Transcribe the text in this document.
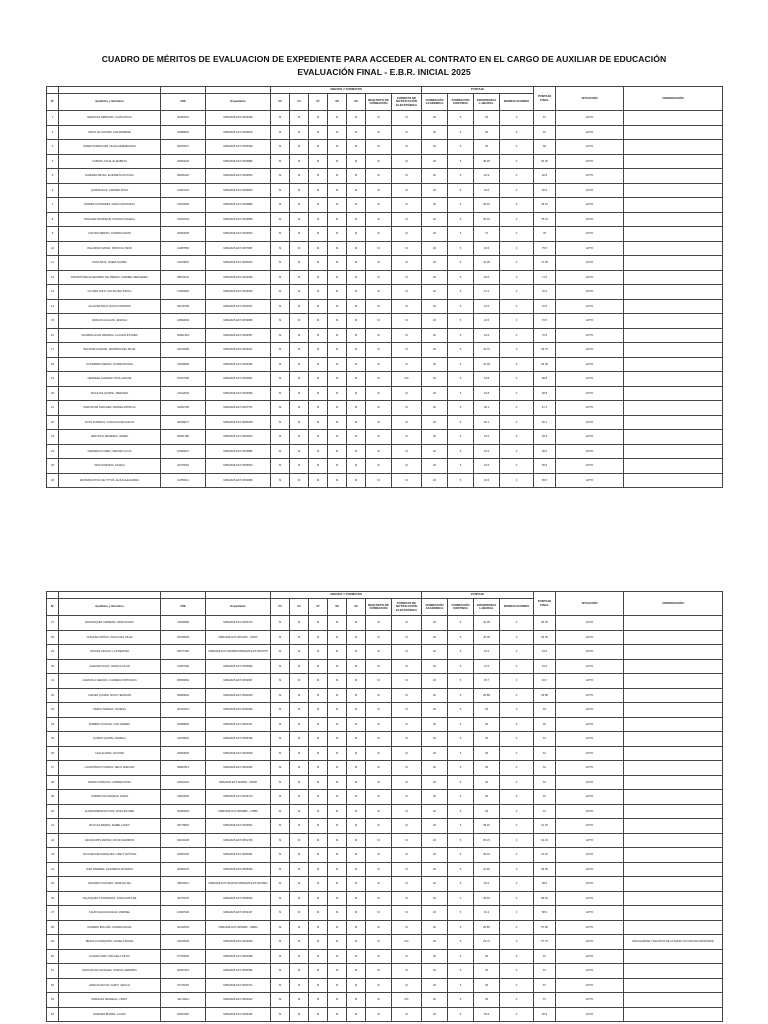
CUADRO DE MÉRITOS DE EVALUACION DE EXPEDIENTE PARA ACCEDER AL CONTRATO EN EL CARGO DE AUXILIAR DE EDUCACIÓN
EVALUACIÓN FINAL - E.B.R. INICIAL 2025
				ANEXOS Y FORMATOS							PUNTAJE				PUNTAJE FINAL	SITUACIÓN	OBSERVACIÓN
N°	Apellidos y Nombres	DNI	Expediente	03	04	07	08	09	REQUISITO DE FORMACIÓN	FORMATO DE NOTIFICACIÓN ELECTRÓNICA	FORMACIÓN ACADÉMICA	FORMACIÓN CONTINUA	EXPERIENCIA LABORAL	BONIFICACIONES			
1	MENDOZA SERRANO, CLARA ROSA	40487841	MPE2025-EXT-0053490	SI	SI	SI	SI	SI	SI	SI	20	5	35	0	57	APTO	
2	ORTIZ VILCAPUMA, ANA MARIENE	46088843	MPE2025-EXT-0053879	SI	SI	SI	SI	SI	SI	SI	20	5	35	0	61	APTO	
3	PEREZ RODRIGUEZ, DIANA HERMENGINA	20029227	MPE2025-EXT-0053968	SI	SI	SI	SI	SI	SI	SI	20	5	35	0	80	APTO	
4	CARDAS OCHA, ELIZABETH	40994029	MPE2025-EXT-0053880	SI	SI	SI	SI	SI	SI	SI	20	5	35.25	0	60.25	APTO	
5	RAMIREZ MILIAN, ELIZABETH ROXANA	09095418	MPE2025-EXT-0053506	SI	SI	SI	SI	SI	SI	SI	20	5	32.9	0	62.9	APTO	
6	QUISPE RIAZ, CARMEN ROSA	27007024	MPE2025-EXT-0053509	SI	SI	SI	SI	SI	SI	SI	20	5	33.5	0	60.5	APTO	
7	ESTEBA GUTIERREZ, MARIA ANTONIETA	41520048	MPE2025-EXT-0053889	SI	SI	SI	SI	SI	SI	SI	20	5	35.15	0	78.15	APTO	
8	SANCHEZ MANRIQUE, PATRICIA ANGELA	70267003	MPE2025-EXT-0053899	SI	SI	SI	SI	SI	SI	SI	20	5	35.15	0	78.15	APTO	
9	CASTRO MERIDA, NORMAN EDITH	40950005	MPE2025-EXT-0053954	SI	SI	SI	SI	SI	SI	SI	20	5	74	0	78	APTO	
10	PALOMINO MATEO, PATRICIA YENSI	41087866	MPE2025-EXT-0057987	SI	SI	SI	SI	SI	SI	SI	30	5	43.5	0	75.5	APTO	
11	SOSA RIOS, NOEMI NORMA	41079897	MPE2025-EXT-0050004	SI	SI	SI	SI	SI	SI	SI	20	5	44.95	0	71.95	APTO	
12	PROMOTORE ECHEVERRY DE MEDINA, MARIBEL MERCEDES	08870043	MPE2025-EXT-0052095	SI	SI	SI	SI	SI	SI	SI	20	5	48.5	0	71.5	APTO	
13	CULMPA POLO, SOLANYER JUDITH	72053962	MPE2025-EXT-0053024	SI	SI	SI	SI	SI	SI	SI	20	5	47.6	0	70.6	APTO	
14	ALCAZAR BAUZ, ROSIO MARIBON	06168758	MPE2025-EXT-0054057	SI	SI	SI	SI	SI	SI	SI	20	5	44.5	0	70.5	APTO	
15	VARGAS HUALLPA, JESSICA	44890693	MPE2025-EXT-0053980	SI	SI	SI	SI	SI	SI	SI	20	5	44.5	0	70.5	APTO	
16	HUAMPALACAR MIRANDA, CLAUDIA ESTHER	20801354	MPE2025-EXT-0053387	SI	SI	SI	SI	SI	SI	SI	20	5	44.5	0	70.5	APTO	
17	BALMORI GUZMAN, MAXIMINA DEL PILAR	43079295	MPE2025-EXT-0053327	SI	SI	SI	SI	SI	SI	SI	20	5	44.75	0	69.75	APTO	
18	GUTIERREZ MEDINA, NORMA ROSSIA	44048808	MPE2025-EXT-0053480	SI	SI	SI	SI	SI	SI	SI	20	5	44.05	0	69.05	APTO	
19	HERRERA HUAMANI, PAOLA ROXIE	07027538	MPE2025-EXT-0054861	SI	SI	SI	SI	SI	SI	NO	20	5	43.8	0	68.8	APTO	
20	MACAJOS QUISPE, TERESIRA	41612093	MPE2025-EXT-0053580	SI	SI	SI	SI	SI	SI	SI	20	5	43.8	0	68.8	APTO	
21	MANTAPOM SANCHEZ, ANDREA PATRICIA	44090799	MPE2025-EXT-0067751	SI	SI	SI	SI	SI	SI	SI	20	5	39.1	0	67.1	APTO	
22	SOTO ZUMAETA, CAROLINA MILAGROS	40528077	MPE2025-EXT-0080008	SI	SI	SI	SI	SI	SI	SI	20	5	39.1	0	66.1	APTO	
23	ARETINCO MENESES, ISABEL	09591485	MPE2025-EXT-0054633	SI	SI	SI	SI	SI	SI	SI	20	5	43.5	0	65.5	APTO	
24	CERVERA FLORES, AMANDA LUCIA	16489027	MPE2025-EXT-0052880	SI	SI	SI	SI	SI	SI	SI	20	5	43.5	0	65.5	APTO	
25	ZETA ZUMAETA, SAADAI	40079081	MPE2025-EXT-0065523	SI	SI	SI	SI	SI	SI	SI	20	5	43.5	0	65.5	APTO	
26	ZETAMPA MITOC DE TITTZA, ELISA ALEJANDRA	41780011	MPE2025-EXT-0054986	SI	SI	SI	SI	SI	SI	SI	20	5	43.5	0	65.5	APTO	
				ANEXOS Y FORMATOS							PUNTAJE				PUNTAJE FINAL	SITUACIÓN	OBSERVACIÓN
N°	Apellidos y Nombres	DNI	Expediente	03	04	07	08	09	REQUISITO DE FORMACIÓN	FORMATO DE NOTIFICACIÓN ELECTRÓNICA	FORMACIÓN ACADÉMICA	FORMACIÓN CONTINUA	EXPERIENCIA LABORAL	BONIFICACIONES			
27	BOHORQUEZ CARRERA, NIDIA ROSSA	41928080	MPE2025-EXT-0054370	SI	SI	SI	SI	SI	SI	SI	20	5	40.05	0	65.05	APTO	
28	VASQUEZ MUÑOZ, PAOLA DEL PILAR	45708905	MPE2025-EXT-0051265 - 23633	SI	SI	SI	SI	SI	SI	SI	20	5	40.05	0	65.05	APTO	
29	OSTAPA GINCHO, LUZ BEATRIZ	46577490	MPE2025-EXT-0054809 MPE2025-EXT-0054375	SI	SI	SI	SI	SI	SI	SI	20	5	44.5	0	64.5	APTO	
30	GUEVARA SILVA, JESSICA PILAR	41957969	MPE2025-EXT-0053980	SI	SI	SI	SI	SI	SI	SI	20	5	37.6	0	64.6	APTO	
31	CARAPOLA SERAVIA, CARMEN FORTUNATA	09580081	MPE2025-EXT-0052997	SI	SI	SI	SI	SI	SI	SI	20	5	35.7	0	63.7	APTO	
32	CHAVEZ QUISPE, ROSA YENNIFAN	08980804	MPE2025-EXT-0050009	SI	SI	SI	SI	SI	SI	SI	20	5	36.88	0	63.88	APTO	
33	PRADO TERESA, YESENIA	40794437	MPE2025-EXT-0050085	SI	SI	SI	SI	SI	SI	SI	20	5	36	0	63	APTO	
34	ROMERO GUDALE, IVAN JERRES	40058893	MPE2025-EXT-0052447	SI	SI	SI	SI	SI	SI	SI	20	5	36	0	63	APTO	
35	QUISPE QUISPE, MARIELA	44015824	MPE2025-EXT-0055480	SI	SI	SI	SI	SI	SI	SI	20	5	36	0	61	APTO	
36	CHIA ALVERA, NAYORE	40093846	MPE2025-EXT-0054608	SI	SI	SI	SI	SI	SI	SI	20	5	36	0	61	APTO	
37	LOGROÑANO PORRAS, NELCI ADRIANA	09897814	MPE2025-EXT-0054084	SI	SI	SI	SI	SI	SI	SI	20	5	36	0	61	APTO	
38	PARRA CORDOVA, CARMEN ROSA	44844424	MPE2025-EXT-009929 - 20038	SI	SI	SI	SI	SI	SI	SI	20	5	36	0	61	APTO	
39	TORRES PALOMAMAN, DIANA	44823933	MPE2025-EXT-0049703	SI	SI	SI	SI	SI	SI	SI	20	5	36	0	61	APTO	
40	HUAMANSENDINO DIAZ, ROSA ESTHER	46080904	MPE2025-EXT-0053882 - 27889	SI	SI	SI	SI	SI	SI	SI	20	5	36	0	61	APTO	
41	MUJICAS MEPRA, ISABEL FANNY	09779804	MPE2025-EXT-0053501	SI	SI	SI	SI	SI	SI	SI	20	5	38.15	0	61.15	APTO	
42	ARANDORTS ESPINO, ROCIO MARIROS	09160408	MPE2025-EXT-0051709	SI	SI	SI	SI	SI	SI	SI	20	5	35.15	0	61.15	APTO	
43	VACCARACEN MARQUEZ, LIZETT ANTONIA	40350445	MPE2025-EXT-0050051	SI	SI	SI	SI	SI	SI	SI	20	5	35.15	0	61.15	APTO	
44	DIAZ RAMIREZ, ELIZABETH ROSARIO	40080275	MPE2025-EXT-0055093	SI	SI	SI	SI	SI	SI	SI	20	5	34.55	0	59.55	APTO	
45	NAVARRO CHICHNO, MARIA ELISA	48619511	MPE2025-EXT-0044709 MPE2025-EXT-0044684	SI	SI	SI	SI	SI	SI	SI	20	5	30.6	0	58.6	APTO	
46	VELASQUEZ CONTRERAS, SONIA MATILDE	46759278	MPE2025-EXT-0056993	SI	SI	SI	SI	SI	SI	SI	20	2	35.45	0	58.45	APTO	
47	CALBI CHANCAHUANA, MARIBEL	14997929	MPE2025-EXT-0052447	SI	SI	SI	SI	SI	SI	SI	20	5	31.3	0	58.3	APTO	
48	ROMERO BOLAÑO, SANDRA DIANA	40442003	MPE2025-EXT-0053083 - 39804	SI	SI	SI	SI	SI	SI	SI	20	5	36.85	0	57.86	APTO	
49	BRAVILLA PARQUINO, DAVIELA MARIA	44872549	MPE2025-EXT-0054650	SI	SI	SI	SI	SI	SI	NO	20	5	29.75	0	57.75	APTO	REGULARIZAR Y RECATIVA DE LA ANEXO 03 CONTRAS RESPONDE
50	HUAMAN ARIZ, GRACIELA SILVIA	07790030	MPE2025-EXT-0052088	SI	SI	SI	SI	SI	SI	SI	20	5	36	0	57	APTO	
51	MANCHAYAN SANCHEZ, JOSELIA VERMINIA	40097919	MPE2025-EXT-0050685	SI	SI	SI	SI	SI	SI	SI	20	5	36	0	57	APTO	
52	VARGAS NEYRA, FANNY CECILIA	07479463	MPE2025-EXT-0050071	SI	SI	SI	SI	SI	SI	SI	20	5	36	0	57	APTO	
53	MORALES SEGREGA, YESSY	41170912	MPE2025-EXT-0054623	SI	SI	SI	SI	SI	SI	NO	20	5	36	0	57	APTO	
54	RAMIREZ IBARRA, LAURA	40597862	MPE2025-EXT-0053484	SI	SI	SI	SI	SI	SI	SI	20	5	36.9	0	56.9	APTO	
